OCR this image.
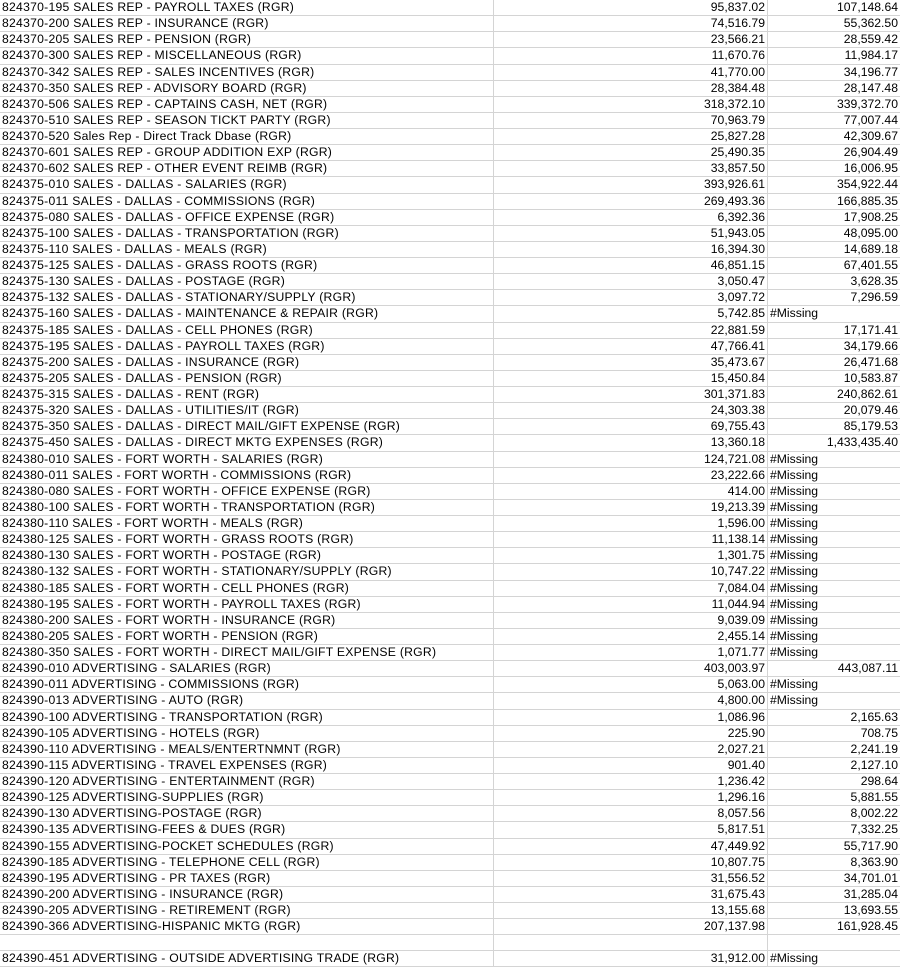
824370-195 SALES REP - PAYROLL TAXES (RGR)	95,837.02	107,148.64
824370-200 SALES REP - INSURANCE (RGR)	74,516.79	55,362.50
824370-205 SALES REP - PENSION (RGR)	23,566.21	28,559.42
824370-300 SALES REP - MISCELLANEOUS (RGR)	11,670.76	11,984.17
824370-342 SALES REP - SALES INCENTIVES (RGR)	41,770.00	34,196.77
824370-350 SALES REP - ADVISORY BOARD (RGR)	28,384.48	28,147.48
824370-506 SALES REP - CAPTAINS CASH, NET (RGR)	318,372.10	339,372.70
824370-510 SALES REP - SEASON TICKT PARTY (RGR)	70,963.79	77,007.44
824370-520 Sales Rep - Direct Track Dbase (RGR)	25,827.28	42,309.67
824370-601 SALES REP - GROUP ADDITION EXP (RGR)	25,490.35	26,904.49
824370-602 SALES REP - OTHER EVENT REIMB (RGR)	33,857.50	16,006.95
824375-010 SALES - DALLAS - SALARIES (RGR)	393,926.61	354,922.44
824375-011 SALES - DALLAS - COMMISSIONS (RGR)	269,493.36	166,885.35
824375-080 SALES - DALLAS - OFFICE EXPENSE (RGR)	6,392.36	17,908.25
824375-100 SALES - DALLAS - TRANSPORTATION (RGR)	51,943.05	48,095.00
824375-110 SALES - DALLAS - MEALS (RGR)	16,394.30	14,689.18
824375-125 SALES - DALLAS - GRASS ROOTS (RGR)	46,851.15	67,401.55
824375-130 SALES - DALLAS - POSTAGE (RGR)	3,050.47	3,628.35
824375-132 SALES - DALLAS - STATIONARY/SUPPLY (RGR)	3,097.72	7,296.59
824375-160 SALES - DALLAS - MAINTENANCE & REPAIR (RGR)	5,742.85 #Missing
824375-185 SALES - DALLAS - CELL PHONES (RGR)	22,881.59	17,171.41
824375-195 SALES - DALLAS - PAYROLL TAXES (RGR)	47,766.41	34,179.66
824375-200 SALES - DALLAS - INSURANCE (RGR)	35,473.67	26,471.68
824375-205 SALES - DALLAS - PENSION (RGR)	15,450.84	10,583.87
824375-315 SALES - DALLAS - RENT (RGR)	301,371.83	240,862.61
824375-320 SALES - DALLAS - UTILITIES/IT (RGR)	24,303.38	20,079.46
824375-350 SALES - DALLAS - DIRECT MAIL/GIFT EXPENSE (RGR)	69,755.43	85,179.53
824375-450 SALES - DALLAS - DIRECT MKTG EXPENSES (RGR)	13,360.18	1,433,435.40
824380-010 SALES - FORT WORTH - SALARIES (RGR)	124,721.08 #Missing
824380-011 SALES - FORT WORTH - COMMISSIONS (RGR)	23,222.66 #Missing
824380-080 SALES - FORT WORTH - OFFICE EXPENSE (RGR)	414.00 #Missing
824380-100 SALES - FORT WORTH - TRANSPORTATION (RGR)	19,213.39 #Missing
824380-110 SALES - FORT WORTH - MEALS (RGR)	1,596.00 #Missing
824380-125 SALES - FORT WORTH - GRASS ROOTS (RGR)	11,138.14 #Missing
824380-130 SALES - FORT WORTH - POSTAGE (RGR)	1,301.75 #Missing
824380-132 SALES - FORT WORTH - STATIONARY/SUPPLY (RGR)	10,747.22 #Missing
824380-185 SALES - FORT WORTH - CELL PHONES (RGR)	7,084.04 #Missing
824380-195 SALES - FORT WORTH - PAYROLL TAXES (RGR)	11,044.94 #Missing
824380-200 SALES - FORT WORTH - INSURANCE (RGR)	9,039.09 #Missing
824380-205 SALES - FORT WORTH - PENSION (RGR)	2,455.14 #Missing
824380-350 SALES - FORT WORTH - DIRECT MAIL/GIFT EXPENSE (RGR)	1,071.77 #Missing
824390-010 ADVERTISING - SALARIES (RGR)	403,003.97	443,087.11
824390-011 ADVERTISING - COMMISSIONS (RGR)	5,063.00 #Missing
824390-013 ADVERTISING - AUTO (RGR)	4,800.00 #Missing
824390-100 ADVERTISING - TRANSPORTATION (RGR)	1,086.96	2,165.63
824390-105 ADVERTISING - HOTELS (RGR)	225.90	708.75
824390-110 ADVERTISING - MEALS/ENTERTNMNT (RGR)	2,027.21	2,241.19
824390-115 ADVERTISING - TRAVEL EXPENSES (RGR)	901.40	2,127.10
824390-120 ADVERTISING - ENTERTAINMENT (RGR)	1,236.42	298.64
824390-125 ADVERTISING-SUPPLIES (RGR)	1,296.16	5,881.55
824390-130 ADVERTISING-POSTAGE (RGR)	8,057.56	8,002.22
824390-135 ADVERTISING-FEES & DUES (RGR)	5,817.51	7,332.25
824390-155 ADVERTISING-POCKET SCHEDULES (RGR)	47,449.92	55,717.90
824390-185 ADVERTISING - TELEPHONE CELL (RGR)	10,807.75	8,363.90
824390-195 ADVERTISING - PR TAXES (RGR)	31,556.52	34,701.01
824390-200 ADVERTISING - INSURANCE (RGR)	31,675.43	31,285.04
824390-205 ADVERTISING - RETIREMENT (RGR)	13,155.68	13,693.55
824390-366 ADVERTISING-HISPANIC MKTG (RGR)	207,137.98	161,928.45
824390-451 ADVERTISING - OUTSIDE ADVERTISING TRADE (RGR)	31,912.00 #Missing
